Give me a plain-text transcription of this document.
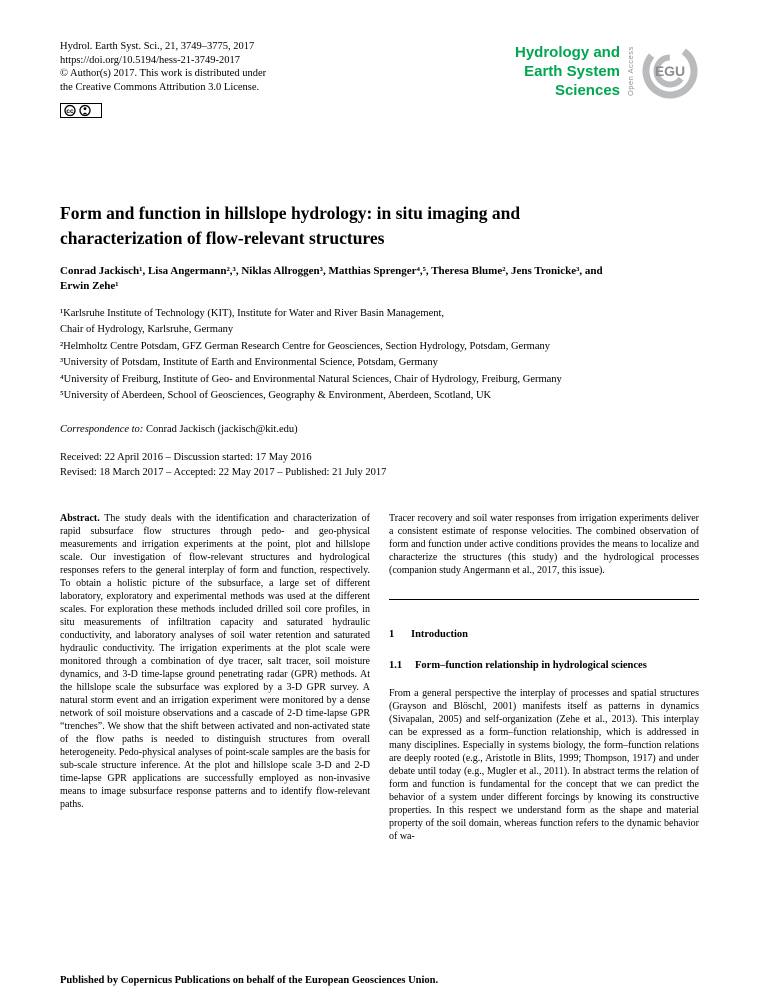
Hydrol. Earth Syst. Sci., 21, 3749–3775, 2017
https://doi.org/10.5194/hess-21-3749-2017
© Author(s) 2017. This work is distributed under
the Creative Commons Attribution 3.0 License.
cc
Hydrology and
Earth System
Sciences Open Access EGU
Form and function in hillslope hydrology: in situ imaging and
characterization of flow-relevant structures
Conrad Jackisch¹, Lisa Angermann²,³, Niklas Allroggen³, Matthias Sprenger⁴,⁵, Theresa Blume², Jens Tronicke³, and
Erwin Zehe¹
¹Karlsruhe Institute of Technology (KIT), Institute for Water and River Basin Management,
Chair of Hydrology, Karlsruhe, Germany
²Helmholtz Centre Potsdam, GFZ German Research Centre for Geosciences, Section Hydrology, Potsdam, Germany
³University of Potsdam, Institute of Earth and Environmental Science, Potsdam, Germany
⁴University of Freiburg, Institute of Geo- and Environmental Natural Sciences, Chair of Hydrology, Freiburg, Germany
⁵University of Aberdeen, School of Geosciences, Geography & Environment, Aberdeen, Scotland, UK

Correspondence to: Conrad Jackisch (jackisch@kit.edu)

Received: 22 April 2016 – Discussion started: 17 May 2016
Revised: 18 March 2017 – Accepted: 22 May 2017 – Published: 21 July 2017

Abstract. The study deals with the identification and characterization of rapid subsurface flow structures through pedo- and geo-physical measurements and irrigation experiments at the point, plot and hillslope scale. Our investigation of flow-relevant structures and hydrological responses refers to the general interplay of form and function, respectively. To obtain a holistic picture of the subsurface, a large set of different laboratory, exploratory and experimental methods was used at the different scales. For exploration these methods included drilled soil core profiles, in situ measurements of infiltration capacity and saturated hydraulic conductivity, and laboratory analyses of soil water retention and saturated hydraulic conductivity. The irrigation experiments at the plot scale were monitored through a combination of dye tracer, salt tracer, soil moisture dynamics, and 3-D time-lapse ground penetrating radar (GPR) methods. At the hillslope scale the subsurface was explored by a 3-D GPR survey. A natural storm event and an irrigation experiment were monitored by a dense network of soil moisture observations and a cascade of 2-D time-lapse GPR “trenches”. We show that the shift between activated and non-activated state of the flow paths is needed to distinguish structures from overall heterogeneity. Pedo-physical analyses of point-scale samples are the basis for sub-scale structure inference. At the plot and hillslope scale 3-D and 2-D time-lapse GPR applications are successfully employed as non-invasive means to image subsurface response patterns and to identify flow-relevant paths.

Tracer recovery and soil water responses from irrigation experiments deliver a consistent estimate of response velocities. The combined observation of form and function under active conditions provides the means to localize and characterize the structures (this study) and the hydrological processes (companion study Angermann et al., 2017, this issue).

1	Introduction
1.1	Form–function relationship in hydrological sciences

From a general perspective the interplay of processes and spatial structures (Grayson and Blöschl, 2001) manifests itself as patterns in dynamics (Sivapalan, 2005) and self-organization (Zehe et al., 2013). This interplay can be expressed as a form–function relationship, which is addressed in many disciplines. Especially in systems biology, the form–function relations are deeply rooted (e.g., Aristotle in Blits, 1999; Thompson, 1917) and under debate until today (e.g., Mugler et al., 2011). In abstract terms the relation of form and function is fundamental for the concept that we can predict the behavior of a system under different forcings by knowing its constructive properties. In this respect we understand form as the shape and material property of the soil domain, whereas function refers to the dynamic behavior of wa-

Published by Copernicus Publications on behalf of the European Geosciences Union.
